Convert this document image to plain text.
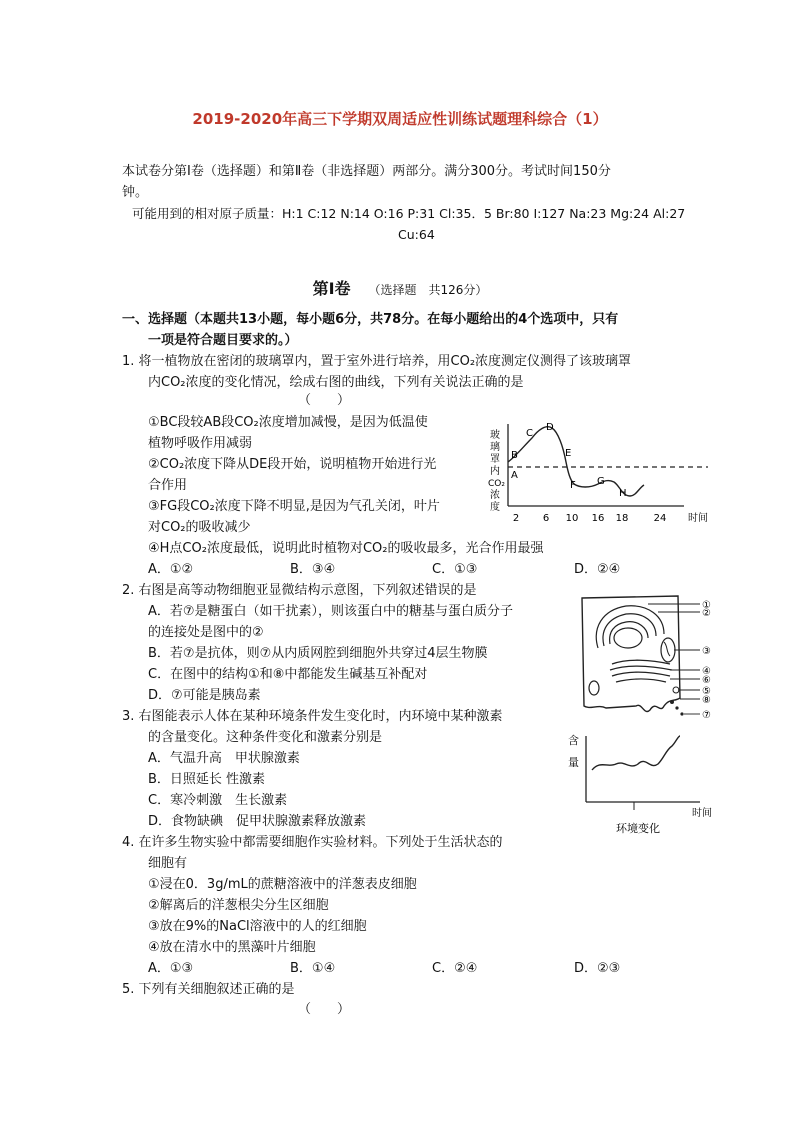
2019-2020年高三下学期双周适应性训练试题理科综合（1）
本试卷分第Ⅰ卷（选择题）和第Ⅱ卷（非选择题）两部分。满分300分。考试时间150分
钟。
可能用到的相对原子质量：H:1 C:12 N:14 O:16 P:31 Cl:35．5 Br:80 I:127 Na:23 Mg:24 Al:27
Cu:64
第Ⅰ卷 （选择题　共126分）
一、选择题（本题共13小题，每小题6分，共78分。在每小题给出的4个选项中，只有
一项是符合题目要求的。）
1. 将一植物放在密闭的玻璃罩内，置于室外进行培养，用CO₂浓度测定仪测得了该玻璃罩
内CO₂浓度的变化情况，绘成右图的曲线，下列有关说法正确的是
（　　）
①BC段较AB段CO₂浓度增加减慢，是因为低温使
植物呼吸作用减弱
②CO₂浓度下降从DE段开始，说明植物开始进行光
合作用
③FG段CO₂浓度下降不明显,是因为气孔关闭，叶片
对CO₂的吸收减少
④H点CO₂浓度最低，说明此时植物对CO₂的吸收最多，光合作用最强
A．①②	B．③④	C．①③	D．②④
玻
璃
罩
内
CO₂
浓
度
A
B
C
D
E
F G
H
2 6 10 16 18	24 时间
2. 右图是高等动物细胞亚显微结构示意图，下列叙述错误的是
A．若⑦是糖蛋白（如干扰素），则该蛋白中的糖基与蛋白质分子
的连接处是图中的②
B．若⑦是抗体，则⑦从内质网腔到细胞外共穿过4层生物膜
C．在图中的结构①和⑧中都能发生碱基互补配对
D．⑦可能是胰岛素
①
②
③
④
⑥
⑤
⑧
⑦
3. 右图能表示人体在某种环境条件发生变化时，内环境中某种激素
的含量变化。这种条件变化和激素分别是
A．气温升高　甲状腺激素
B．日照延长 性激素
C．寒冷刺激　生长激素
D．食物缺碘　促甲状腺激素释放激素
含
量
时间
环境变化
4. 在许多生物实验中都需要细胞作实验材料。下列处于生活状态的
细胞有
①浸在0．3g/mL的蔗糖溶液中的洋葱表皮细胞
②解离后的洋葱根尖分生区细胞
③放在9%的NaCl溶液中的人的红细胞
④放在清水中的黑藻叶片细胞
A．①③	B．①④	C．②④	D．②③
5. 下列有关细胞叙述正确的是
（　　）
